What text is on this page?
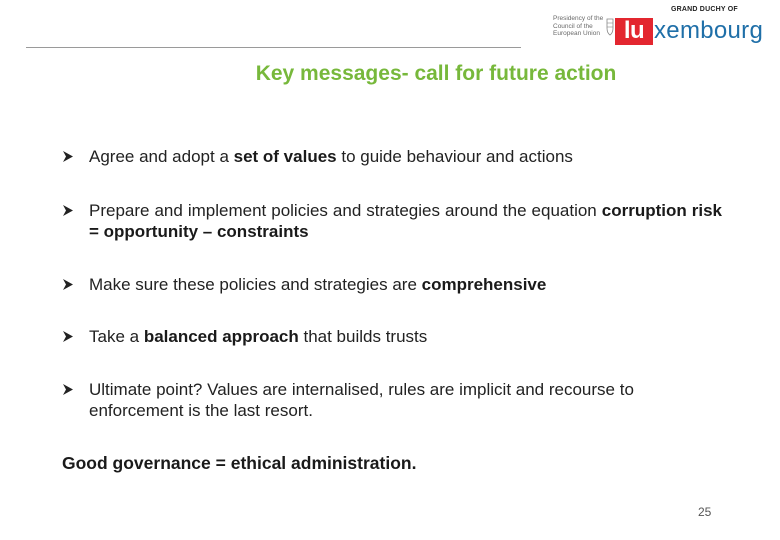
Presidency of the Council of the European Union
GRAND DUCHY OF
lu xembourg
Key messages- call for future action
Agree and adopt a set of values to guide behaviour and actions
Prepare and implement policies and strategies around the equation corruption risk = opportunity – constraints
Make sure these policies and strategies are comprehensive
Take a balanced approach that builds trusts
Ultimate point? Values are internalised, rules are implicit and recourse to enforcement is the last resort.
Good governance = ethical administration.
25
